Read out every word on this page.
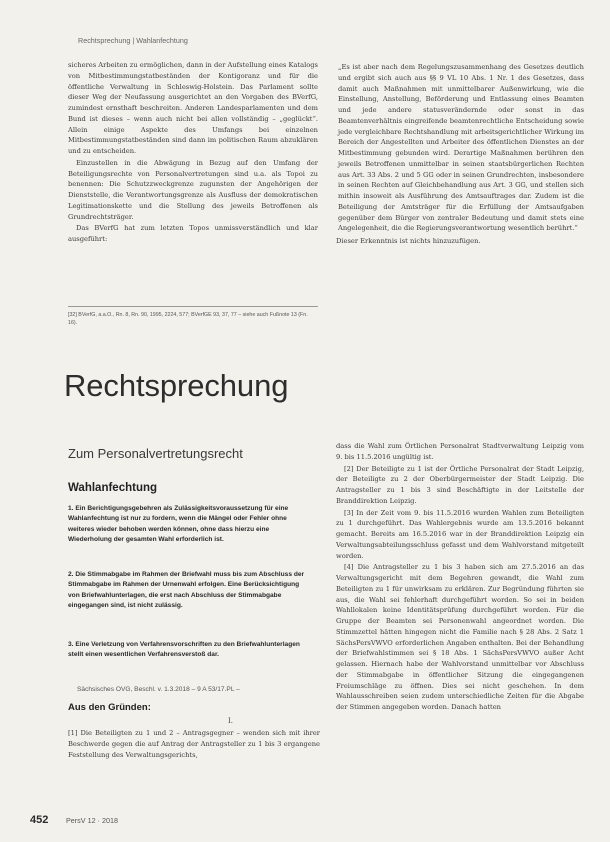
Rechtsprechung | Wahlanfechtung

sicheres Arbeiten zu ermöglichen, dann in der Aufstellung eines Katalogs von Mitbestimmungstatbeständen der Kontigoranz und für die öffentliche Verwaltung in Schleswig-Holstein. Das Parlament sollte dieser Weg der Neufassung ausgerichtet an den Vorgaben des BVerfG, zumindest ernsthaft beschreiten. Anderen Landesparlamenten und dem Bund ist dieses – wenn auch nicht bei allen vollständig – „geglückt“. Allein einige Aspekte des Umfangs bei einzelnen Mitbestimmungstatbeständen sind dann im politischen Raum abzuklären und zu entscheiden.

Einzustellen in die Abwägung in Bezug auf den Umfang der Beteiligungsrechte von Personalvertretungen sind u.a. als Topoi zu benennen: Die Schutzzweckgrenze zugunsten der Angehörigen der Dienststelle, die Verantwortungsgrenze als Ausfluss der demokratischen Legitimationskette und die Stellung des jeweils Betroffenen als Grundrechtsträger.

Das BVerfG hat zum letzten Topos unmissverständlich und klar ausgeführt:

[32] BVerfG, a.a.O., Rn. 8, Rn. 90, 1995, 2224, 577; BVerfGE 93, 37, 77 – siehe auch Fußnote 13 (Fn. 16).

„Es ist aber nach dem Regelungszusammenhang des Gesetzes deutlich und ergibt sich auch aus §§ 9 VL 10 Abs. 1 Nr. 1 des Gesetzes, dass damit auch Maßnahmen mit unmittelbarer Außenwirkung, wie die Einstellung, Anstellung, Beförderung und Entlassung eines Beamten und jede andere statusverändernde oder sonst in das Beamtenverhältnis eingreifende beamtenrechtliche Entscheidung sowie jede vergleichbare Rechtshandlung mit arbeitsgerichtlicher Wirkung im Bereich der Angestellten und Arbeiter des öffentlichen Dienstes an der Mitbestimmung gebunden wird. Derartige Maßnahmen berühren den jeweils Betroffenen unmittelbar in seinen staatsbürgerlichen Rechten aus Art. 33 Abs. 2 und 5 GG oder in seinen Grundrechten, insbesondere in seinen Rechten auf Gleichbehandlung aus Art. 3 GG, und stellen sich mithin insoweit als Ausführung des Amtsauftrages dar. Zudem ist die Beteiligung der Amtsträger für die Erfüllung der Amtsaufgaben gegenüber dem Bürger von zentraler Bedeutung und damit stets eine Angelegenheit, die die Regierungsverantwortung wesentlich berührt.“

Dieser Erkenntnis ist nichts hinzuzufügen.

Rechtsprechung
Zum Personalvertretungsrecht
Wahlanfechtung

1. Ein Berichtigungsgebehren als Zulässigkeitsvoraussetzung für eine Wahlanfechtung ist nur zu fordern, wenn die Mängel oder Fehler ohne weiteres wieder behoben werden können, ohne dass hierzu eine Wiederholung der gesamten Wahl erforderlich ist.

2. Die Stimmabgabe im Rahmen der Briefwahl muss bis zum Abschluss der Stimmabgabe im Rahmen der Urnenwahl erfolgen. Eine Berücksichtigung von Briefwahlunterlagen, die erst nach Abschluss der Stimmabgabe eingegangen sind, ist nicht zulässig.

3. Eine Verletzung von Verfahrensvorschriften zu den Briefwahlunterlagen stellt einen wesentlichen Verfahrensverstoß dar.

Sächsisches OVG, Beschl. v. 1.3.2018 – 9 A 53/17.PL –
Aus den Gründen:
I.

[1] Die Beteiligten zu 1 und 2 – Antragsgegner – wenden sich mit ihrer Beschwerde gegen die auf Antrag der Antragsteller zu 1 bis 3 ergangene Feststellung des Verwaltungsgerichts,

dass die Wahl zum Örtlichen Personalrat Stadtverwaltung Leipzig vom 9. bis 11.5.2016 ungültig ist.

[2] Der Beteiligte zu 1 ist der Örtliche Personalrat der Stadt Leipzig, der Beteiligte zu 2 der Oberbürgermeister der Stadt Leipzig. Die Antragsteller zu 1 bis 3 sind Beschäftigte in der Leitstelle der Branddirektion Leipzig.

[3] In der Zeit vom 9. bis 11.5.2016 wurden Wahlen zum Beteiligten zu 1 durchgeführt. Das Wahlergebnis wurde am 13.5.2016 bekannt gemacht. Bereits am 16.5.2016 war in der Branddirektion Leipzig ein Verwaltungsabteilungsschluss gefasst und dem Wahlvorstand mitgeteilt worden.

[4] Die Antragsteller zu 1 bis 3 haben sich am 27.5.2016 an das Verwaltungsgericht mit dem Begehren gewandt, die Wahl zum Beteiligten zu 1 für unwirksam zu erklären. Zur Begründung führten sie aus, die Wahl sei fehlerhaft durchgeführt worden. So sei in beiden Wahllokalen keine Identitätsprüfung durchgeführt worden. Für die Gruppe der Beamten sei Personenwahl angeordnet worden. Die Stimmzettel hätten hingegen nicht die Familie nach § 28 Abs. 2 Satz 1 SächsPersVWVO erforderlichen Angaben enthalten. Bei der Behandlung der Briefwahlstimmen sei § 18 Abs. 1 SächsPersVWVO außer Acht gelassen. Hiernach habe der Wahlvorstand unmittelbar vor Abschluss der Stimmabgabe in öffentlicher Sitzung die eingegangenen Freiumschläge zu öffnen. Dies sei nicht geschehen. In dem Wahlausschreiben seien zudem unterschiedliche Zeiten für die Abgabe der Stimmen angegeben worden. Danach hatten

452 PersV 12 · 2018
